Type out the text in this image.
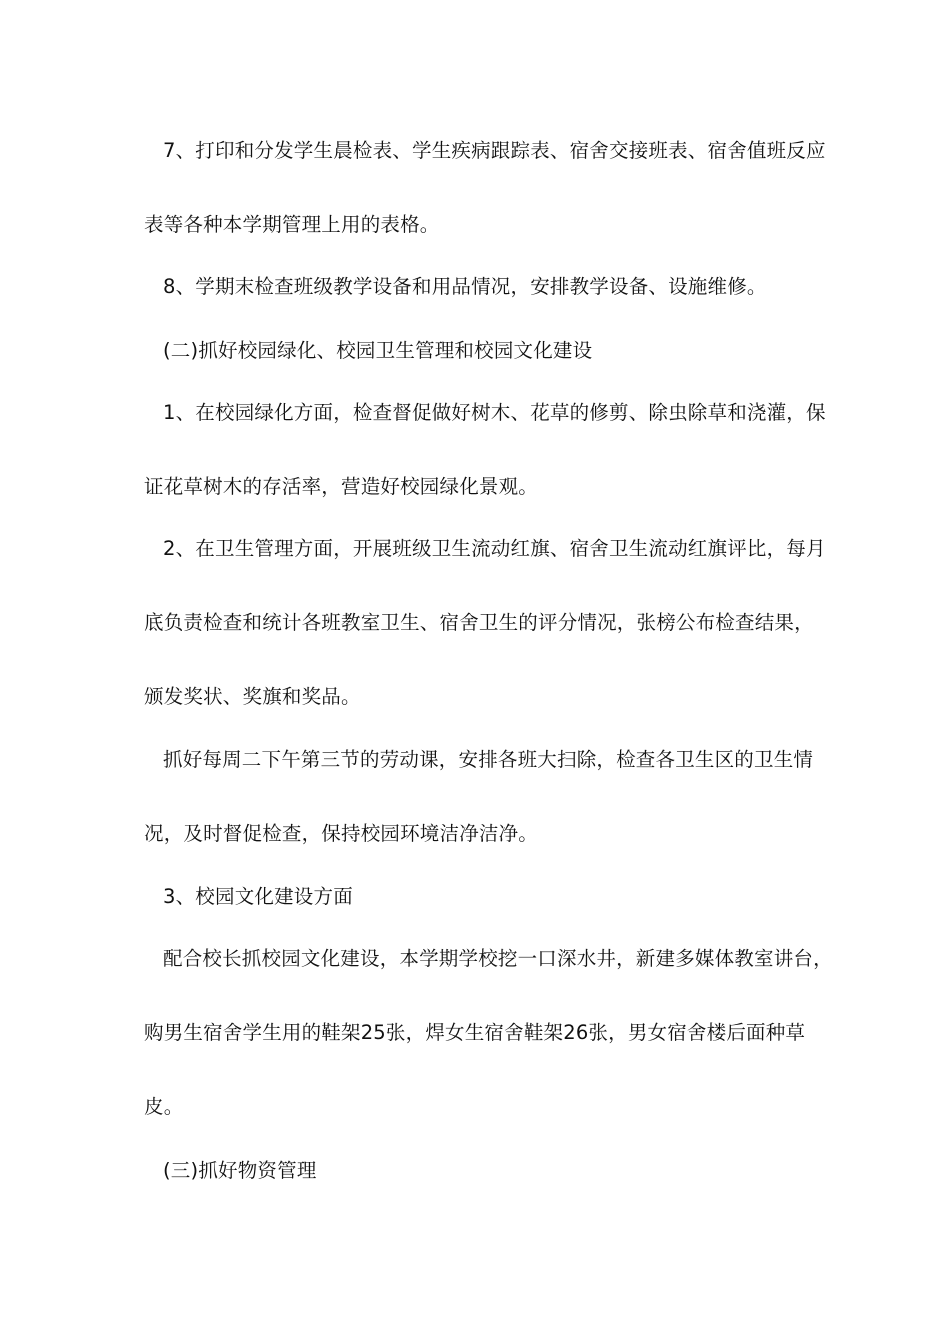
7、打印和分发学生晨检表、学生疾病跟踪表、宿舍交接班表、宿舍值班反应
表等各种本学期管理上用的表格。
8、学期末检查班级教学设备和用品情况，安排教学设备、设施维修。
(二)抓好校园绿化、校园卫生管理和校园文化建设
1、在校园绿化方面，检查督促做好树木、花草的修剪、除虫除草和浇灌，保
证花草树木的存活率，营造好校园绿化景观。
2、在卫生管理方面，开展班级卫生流动红旗、宿舍卫生流动红旗评比，每月
底负责检查和统计各班教室卫生、宿舍卫生的评分情况，张榜公布检查结果，
颁发奖状、奖旗和奖品。
抓好每周二下午第三节的劳动课，安排各班大扫除，检查各卫生区的卫生情
况，及时督促检查，保持校园环境洁净洁净。
3、校园文化建设方面
配合校长抓校园文化建设，本学期学校挖一口深水井，新建多媒体教室讲台，
购男生宿舍学生用的鞋架25张，焊女生宿舍鞋架26张，男女宿舍楼后面种草
皮。
(三)抓好物资管理
